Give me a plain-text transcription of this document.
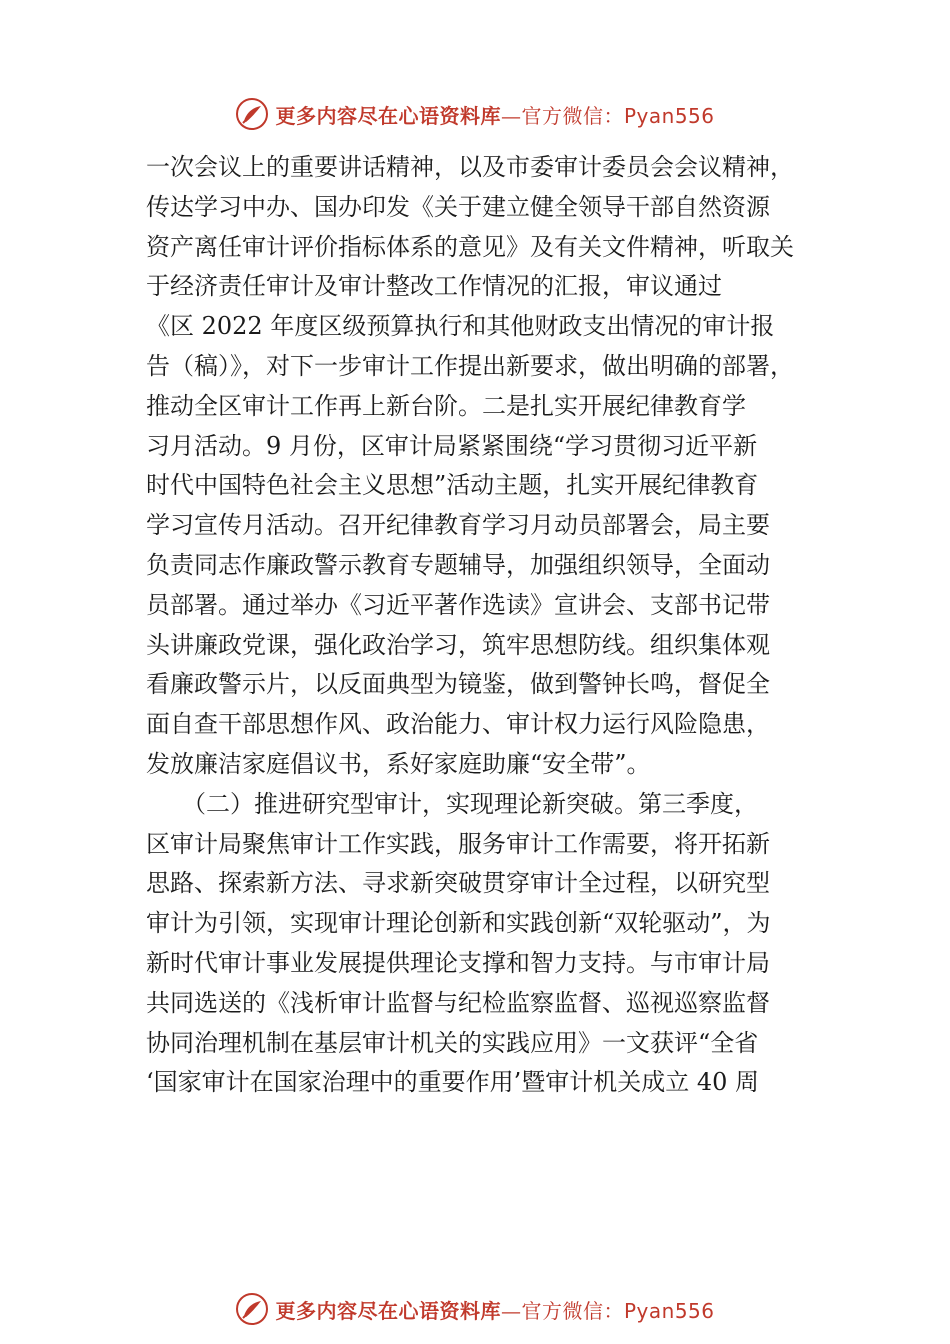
更多内容尽在心语资料库—官方微信：Pyan556
一次会议上的重要讲话精神，以及市委审计委员会会议精神，
传达学习中办、国办印发《关于建立健全领导干部自然资源
资产离任审计评价指标体系的意见》及有关文件精神，听取关
于经济责任审计及审计整改工作情况的汇报，审议通过
《区 2022 年度区级预算执行和其他财政支出情况的审计报
告（稿）》，对下一步审计工作提出新要求，做出明确的部署，
推动全区审计工作再上新台阶。二是扎实开展纪律教育学
习月活动。9 月份，区审计局紧紧围绕“学习贯彻习近平新
时代中国特色社会主义思想”活动主题，扎实开展纪律教育
学习宣传月活动。召开纪律教育学习月动员部署会，局主要
负责同志作廉政警示教育专题辅导，加强组织领导，全面动
员部署。通过举办《习近平著作选读》宣讲会、支部书记带
头讲廉政党课，强化政治学习，筑牢思想防线。组织集体观
看廉政警示片，以反面典型为镜鉴，做到警钟长鸣，督促全
面自查干部思想作风、政治能力、审计权力运行风险隐患，
发放廉洁家庭倡议书，系好家庭助廉“安全带”。
　　（二）推进研究型审计，实现理论新突破。第三季度，
区审计局聚焦审计工作实践，服务审计工作需要，将开拓新
思路、探索新方法、寻求新突破贯穿审计全过程，以研究型
审计为引领，实现审计理论创新和实践创新“双轮驱动”，为
新时代审计事业发展提供理论支撑和智力支持。与市审计局
共同选送的《浅析审计监督与纪检监察监督、巡视巡察监督
协同治理机制在基层审计机关的实践应用》一文获评“全省
‘国家审计在国家治理中的重要作用’暨审计机关成立 40 周
更多内容尽在心语资料库—官方微信：Pyan556
